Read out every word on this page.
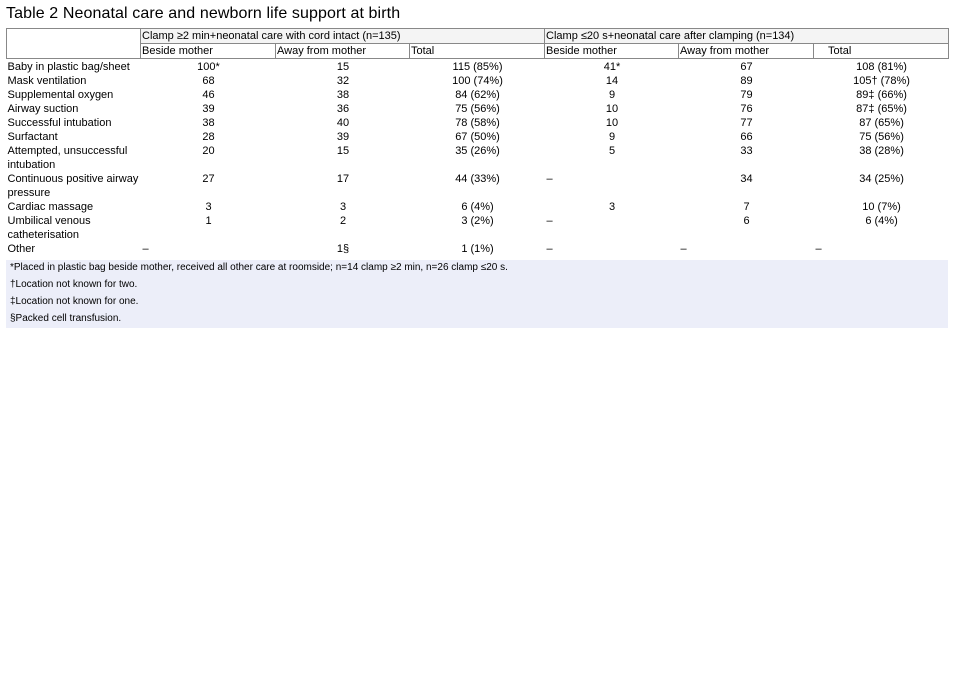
Table 2 Neonatal care and newborn life support at birth
	Clamp ≥2 min+neonatal care with cord intact (n=135)			Clamp ≤20 s+neonatal care after clamping (n=134)		
	Beside mother	Away from mother	Total	Beside mother	Away from mother	Total
Baby in plastic bag/sheet	100*	15	115 (85%)	41*	67	108 (81%)
Mask ventilation	68	32	100 (74%)	14	89	105† (78%)
Supplemental oxygen	46	38	84 (62%)	9	79	89‡ (66%)
Airway suction	39	36	75 (56%)	10	76	87‡ (65%)
Successful intubation	38	40	78 (58%)	10	77	87 (65%)
Surfactant	28	39	67 (50%)	9	66	75 (56%)
Attempted, unsuccessful intubation	20	15	35 (26%)	5	33	38 (28%)
Continuous positive airway pressure	27	17	44 (33%)	–	34	34 (25%)
Cardiac massage	3	3	6 (4%)	3	7	10 (7%)
Umbilical venous catheterisation	1	2	3 (2%)	–	6	6 (4%)
Other	–	1§	1 (1%)	–	–	–
*Placed in plastic bag beside mother, received all other care at roomside; n=14 clamp ≥2 min, n=26 clamp ≤20 s.
†Location not known for two.
‡Location not known for one.
§Packed cell transfusion.
